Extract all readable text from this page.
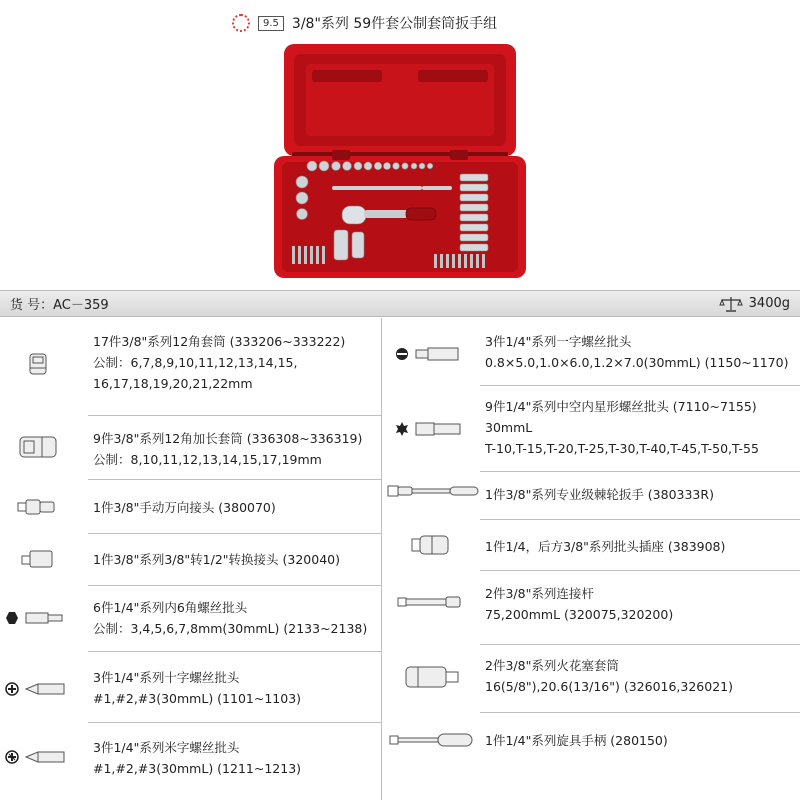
9.5 3/8"系列 59件套公制套筒扳手组
货 号：AC－359	3400g
17件3/8"系列12角套筒 (333206~333222)
公制：6,7,8,9,10,11,12,13,14,15,
16,17,18,19,20,21,22mm
9件3/8"系列12角加长套筒 (336308~336319)
公制：8,10,11,12,13,14,15,17,19mm
1件3/8"手动万向接头 (380070)
1件3/8"系列3/8"转1/2"转换接头 (320040)
6件1/4"系列内6角螺丝批头
公制：3,4,5,6,7,8mm(30mmL) (2133~2138)
3件1/4"系列十字螺丝批头
#1,#2,#3(30mmL) (1101~1103)
3件1/4"系列米字螺丝批头
#1,#2,#3(30mmL) (1211~1213)
3件1/4"系列一字螺丝批头
0.8×5.0,1.0×6.0,1.2×7.0(30mmL) (1150~1170)
9件1/4"系列中空内星形螺丝批头 (7110~7155)
30mmL
T-10,T-15,T-20,T-25,T-30,T-40,T-45,T-50,T-55
1件3/8"系列专业级棘轮扳手 (380333R)
1件1/4，后方3/8"系列批头插座 (383908)
2件3/8"系列连接杆
75,200mmL (320075,320200)
2件3/8"系列火花塞套筒
16(5/8"),20.6(13/16") (326016,326021)
1件1/4"系列旋具手柄 (280150)
